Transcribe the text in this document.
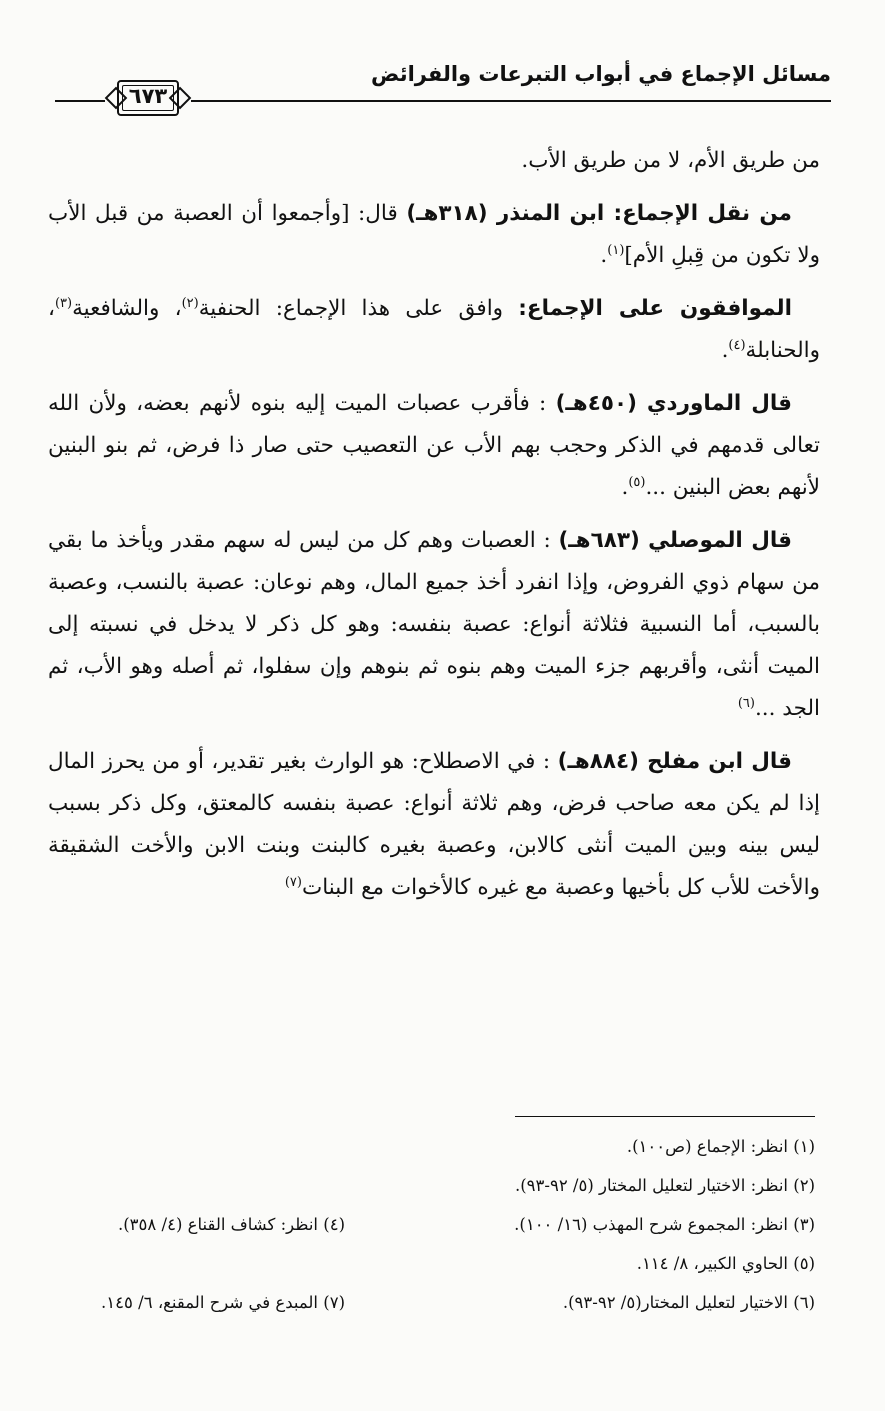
مسائل الإجماع في أبواب التبرعات والفرائض
٦٧٣

من طريق الأم، لا من طريق الأب.

من نقل الإجماع: ابن المنذر (٣١٨هـ) قال: [وأجمعوا أن العصبة من قبل الأب ولا تكون من قِبلِ الأم]$^{(١)}$.

الموافقون على الإجماع: وافق على هذا الإجماع: الحنفية$^{(٢)}$، والشافعية$^{(٣)}$، والحنابلة$^{(٤)}$.

قال الماوردي (٤٥٠هـ) : فأقرب عصبات الميت إليه بنوه لأنهم بعضه، ولأن الله تعالى قدمهم في الذكر وحجب بهم الأب عن التعصيب حتى صار ذا فرض، ثم بنو البنين لأنهم بعض البنين ...$^{(٥)}$.

قال الموصلي (٦٨٣هـ) : العصبات وهم كل من ليس له سهم مقدر ويأخذ ما بقي من سهام ذوي الفروض، وإذا انفرد أخذ جميع المال، وهم نوعان: عصبة بالنسب، وعصبة بالسبب، أما النسبية فثلاثة أنواع: عصبة بنفسه: وهو كل ذكر لا يدخل في نسبته إلى الميت أنثى، وأقربهم جزء الميت وهم بنوه ثم بنوهم وإن سفلوا، ثم أصله وهو الأب، ثم الجد ...$^{(٦)}$

قال ابن مفلح (٨٨٤هـ) : في الاصطلاح: هو الوارث بغير تقدير، أو من يحرز المال إذا لم يكن معه صاحب فرض، وهم ثلاثة أنواع: عصبة بنفسه كالمعتق، وكل ذكر بسبب ليس بينه وبين الميت أنثى كالابن، وعصبة بغيره كالبنت وبنت الابن والأخت الشقيقة والأخت للأب كل بأخيها وعصبة مع غيره كالأخوات مع البنات$^{(٧)}$

(١) انظر: الإجماع (ص١٠٠).
(٢) انظر: الاختيار لتعليل المختار (٥/ ٩٢-٩٣).
(٣) انظر: المجموع شرح المهذب (١٦/ ١٠٠).
(٤) انظر: كشاف القناع (٤/ ٣٥٨).
(٥) الحاوي الكبير، ٨/ ١١٤.
(٦) الاختيار لتعليل المختار(٥/ ٩٢-٩٣).
(٧) المبدع في شرح المقنع، ٦/ ١٤٥.
